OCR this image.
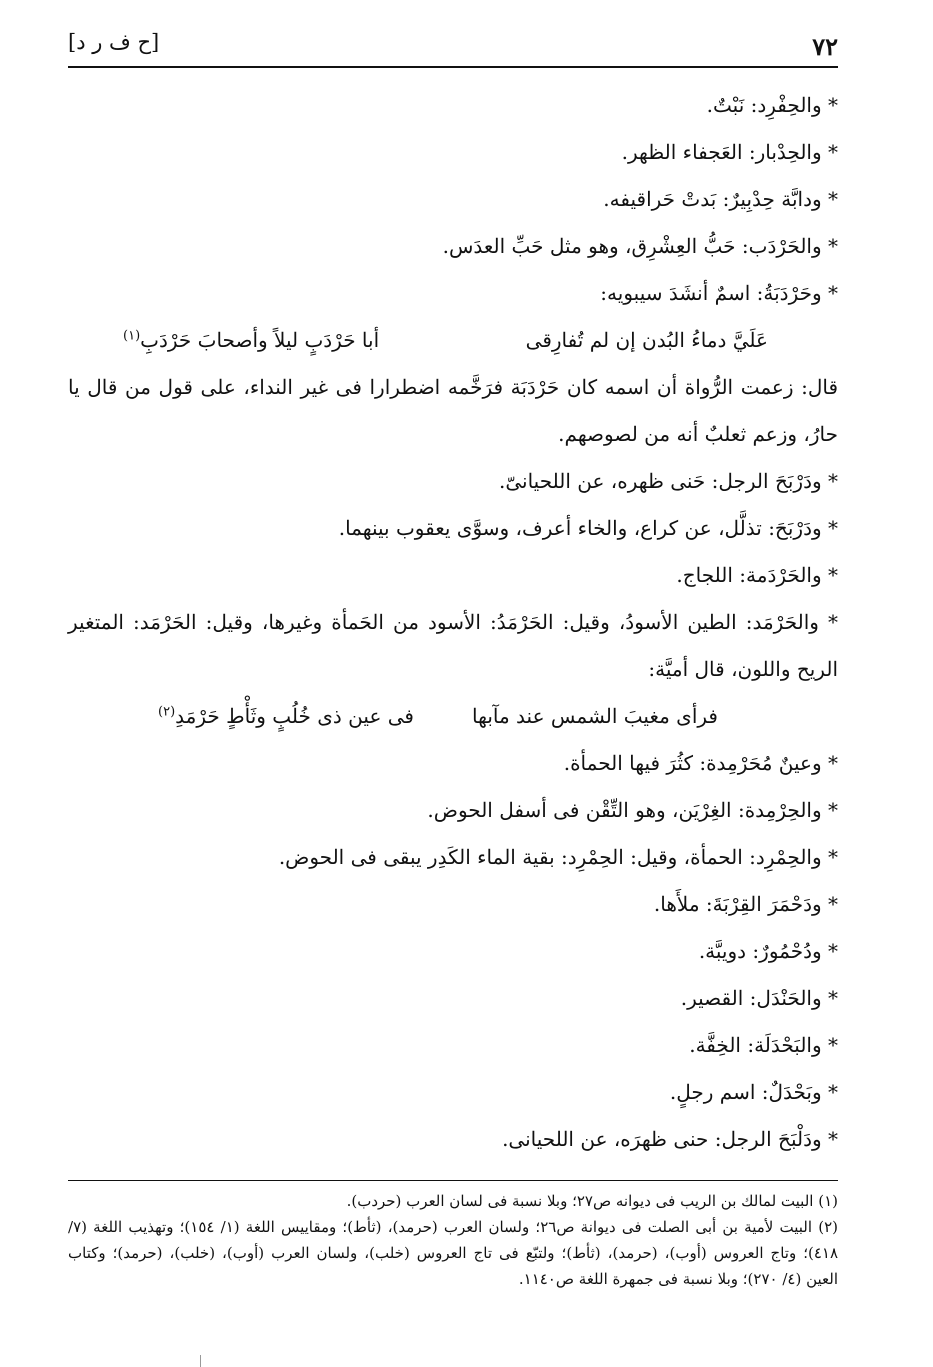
٧٢
[ح ف ر د]
* والحِفْرِد: نَبْتٌ.
* والحِدْبار: العَجفاء الظهر.
* ودابَّة حِدْبِيرٌ: بَدتْ حَراقيفه.
* والحَرْدَب: حَبُّ العِشْرِق، وهو مثل حَبِّ العدَس.
* وحَرْدَبَةُ: اسمٌ أنشَدَ سيبويه:
عَلَيَّ دماءُ البُدن إن لم تُفارِقى
أبا حَرْدَبٍ ليلاً وأصحابَ حَرْدَبِ$^{(١)}$
قال: زعمت الرُّواة أن اسمه كان حَرْدَبَة فرَخَّمه اضطرارا فى غير النداء، على قول من قال يا حارُ، وزعم ثعلبٌ أنه من لصوصهم.
* ودَرْبَحَ الرجل: حَنى ظهره، عن اللحيانىّ.
* ودَرْبَحَ: تذلَّل، عن كراع، والخاء أعرف، وسوَّى يعقوب بينهما.
* والحَرْدَمة: اللجاج.
* والحَرْمَد: الطين الأسودُ، وقيل: الحَرْمَدُ: الأسود من الحَمأة وغيرها، وقيل: الحَرْمَد: المتغير الريح واللون، قال أميَّة:
فرأى مغيبَ الشمس عند مآبها
فى عين ذى خُلُبٍ وثَأْطٍ حَرْمَدِ$^{(٢)}$
* وعينٌ مُحَرْمِدة: كثُرَ فيها الحمأة.
* والحِرْمِدة: الغِرْيَن، وهو التِّقْن فى أسفل الحوض.
* والحِمْرِد: الحمأة، وقيل: الحِمْرِد: بقية الماء الكَدِر يبقى فى الحوض.
* ودَحْمَرَ القِرْبَةَ: ملأَها.
* ودُحْمُورٌ: دويبَّة.
* والحَنْدَل: القصير.
* والبَحْدَلَة: الخِفَّة.
* وبَحْدَلٌ: اسم رجلٍ.
* ودَلْبَحَ الرجل: حنى ظهرَه، عن اللحيانى.

(١) البيت لمالك بن الريب فى ديوانه ص٢٧؛ وبلا نسبة فى لسان العرب (حردب).

(٢) البيت لأمية بن أبى الصلت فى ديوانة ص٢٦؛ ولسان العرب (حرمد)، (ثأط)؛ ومقاييس اللغة (١/ ١٥٤)؛ وتهذيب اللغة (٧/ ٤١٨)؛ وتاج العروس (أوب)، (حرمد)، (ثأط)؛ ولتبّع فى تاج العروس (خلب)، ولسان العرب (أوب)، (خلب)، (حرمد)؛ وكتاب العين (٤/ ٢٧٠)؛ وبلا نسبة فى جمهرة اللغة ص١١٤٠.
